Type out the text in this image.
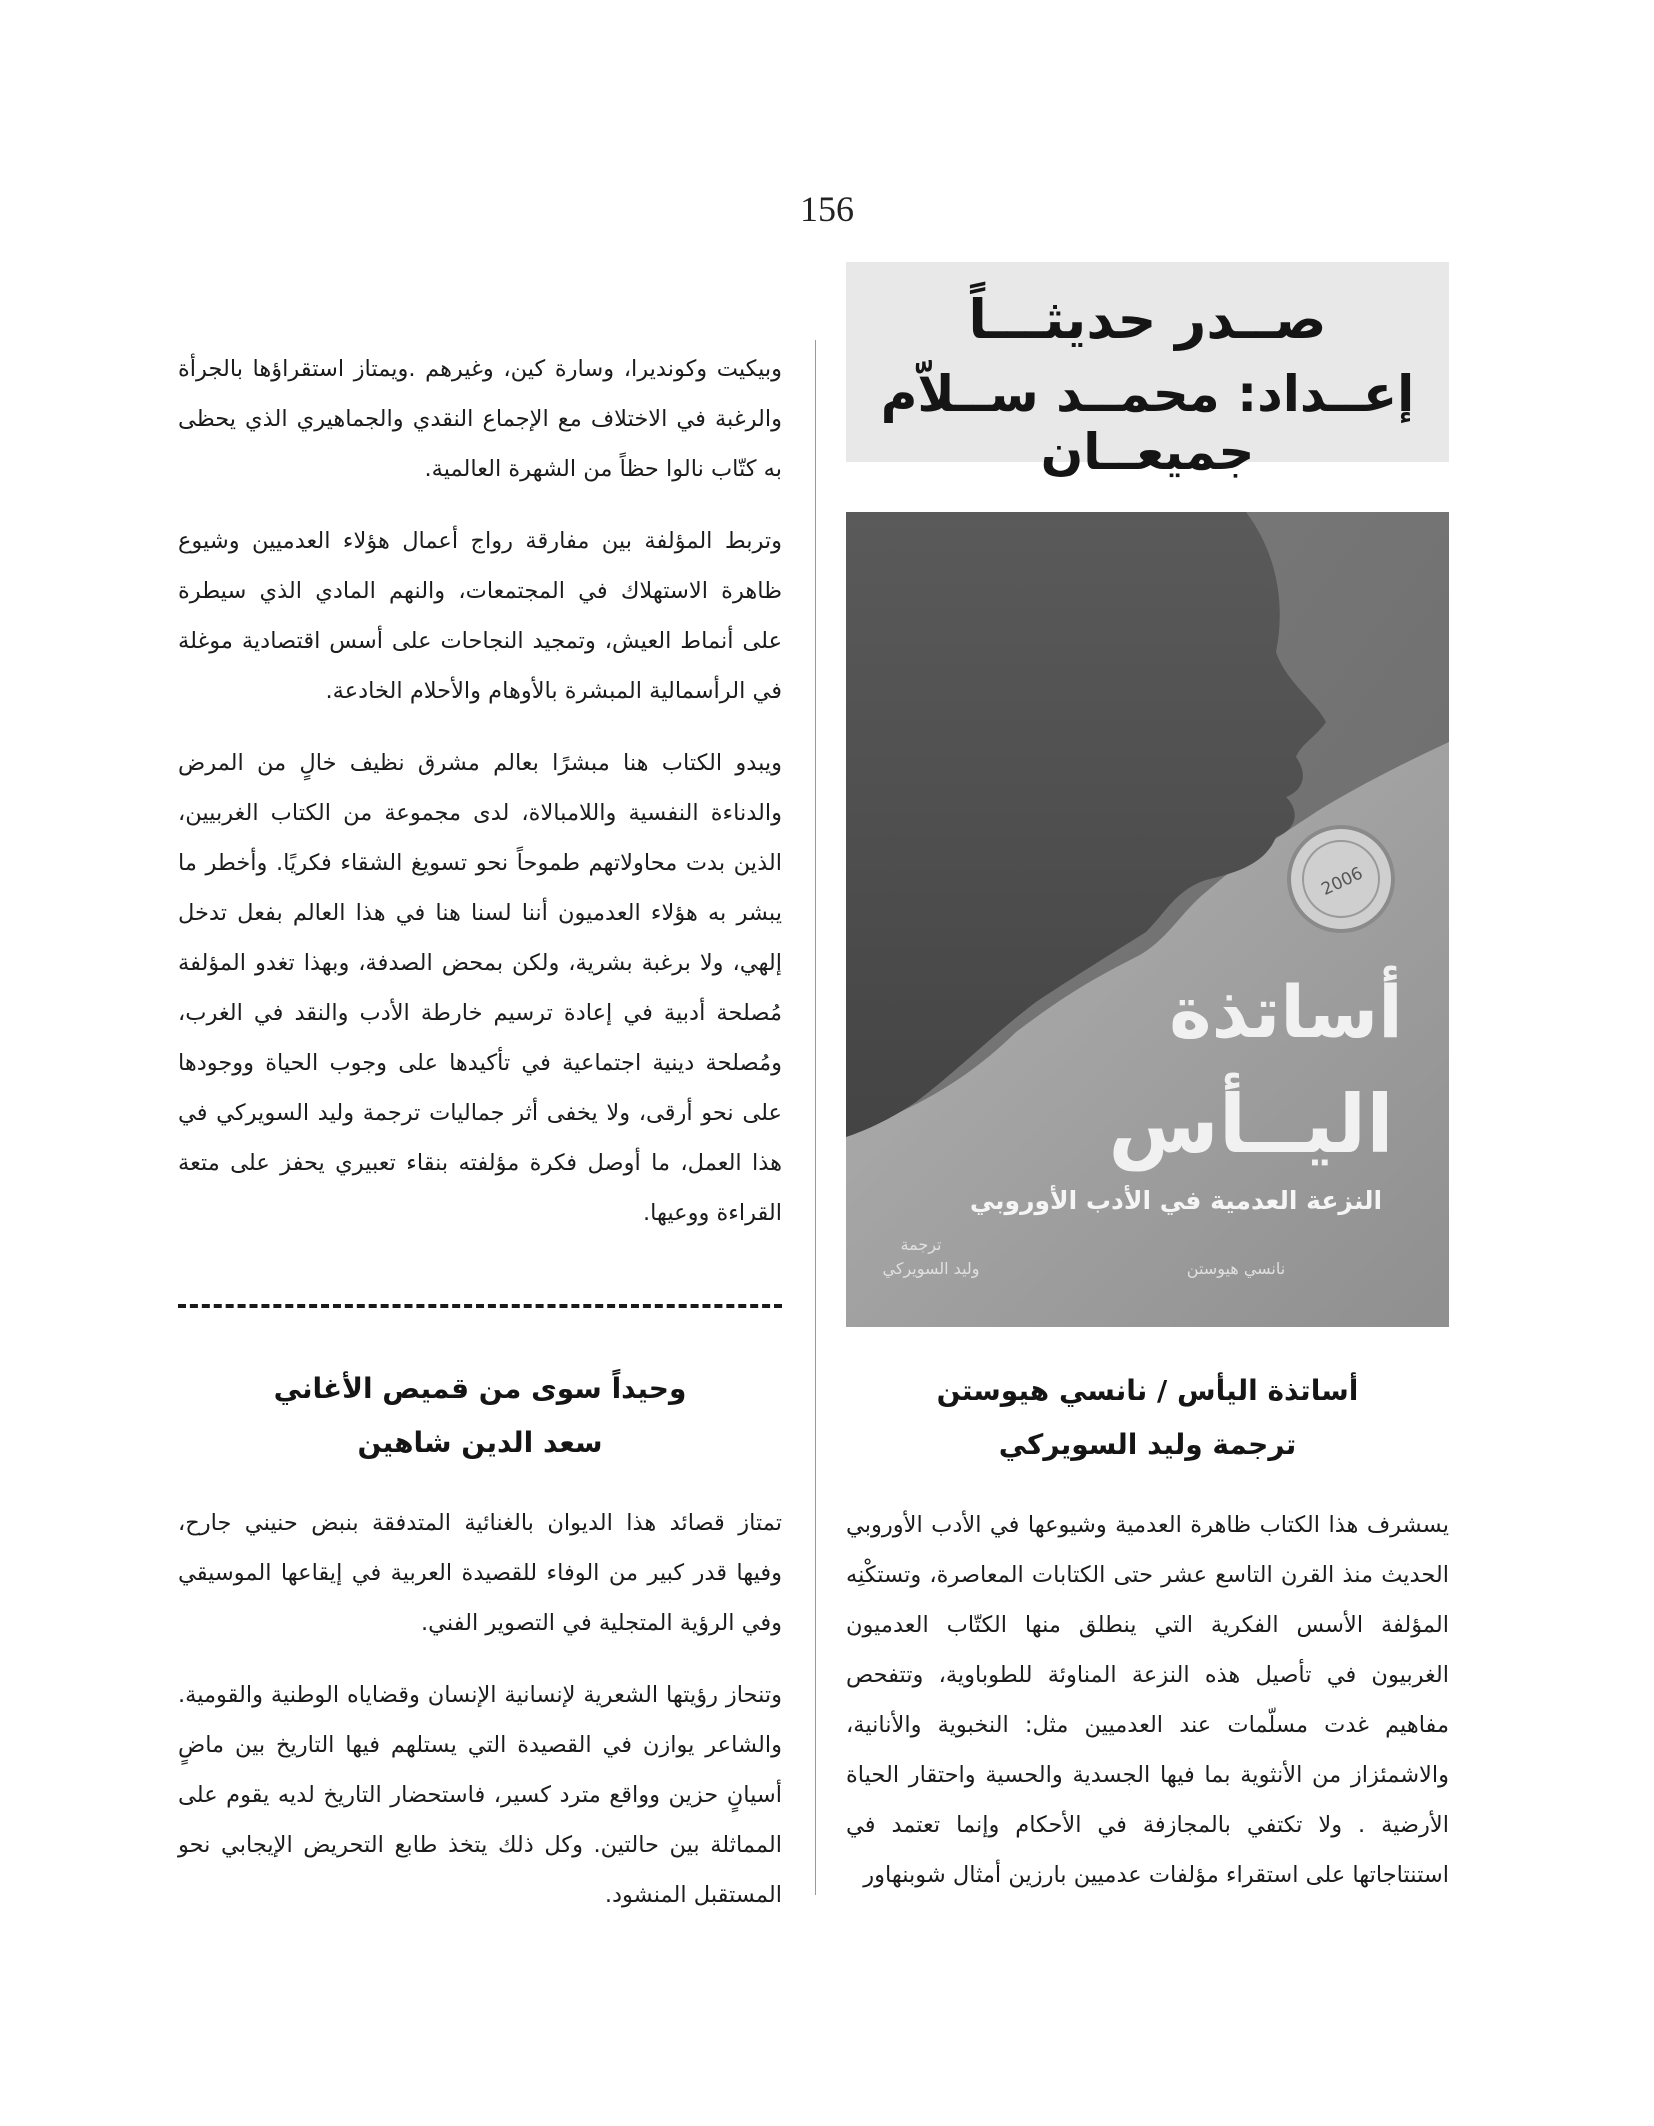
156
صــدر حديثـــاً
إعــداد: محمــد ســلاّم جميعــان
2006
أساتذة
اليــأس
النزعة العدمية في الأدب الأوروبي
ترجمة
وليد السويركي	نانسي هيوستن
أساتذة اليأس / نانسي هيوستن
ترجمة وليد السويركي

يسشرف هذا الكتاب ظاهرة العدمية وشيوعها في الأدب الأوروبي الحديث منذ القرن التاسع عشر حتى الكتابات المعاصرة، وتستكْنِه المؤلفة الأسس الفكرية التي ينطلق منها الكتّاب العدميون الغربيون في تأصيل هذه النزعة المناوئة للطوباوية، وتتفحص مفاهيم غدت مسلّمات عند العدميين مثل: النخبوية والأنانية، والاشمئزاز من الأنثوية بما فيها الجسدية والحسية واحتقار الحياة الأرضية . ولا تكتفي بالمجازفة في الأحكام وإنما تعتمد في استنتاجاتها على استقراء مؤلفات عدميين بارزين أمثال شوبنهاور

وبيكيت وكونديرا، وسارة كين، وغيرهم .ويمتاز استقراؤها بالجرأة والرغبة في الاختلاف مع الإجماع النقدي والجماهيري الذي يحظى به كتّاب نالوا حظاً من الشهرة العالمية.

وتربط المؤلفة بين مفارقة رواج أعمال هؤلاء العدميين وشيوع ظاهرة الاستهلاك في المجتمعات، والنهم المادي الذي سيطرة على أنماط العيش، وتمجيد النجاحات على أسس اقتصادية موغلة في الرأسمالية المبشرة بالأوهام والأحلام الخادعة.

ويبدو الكتاب هنا مبشرًا بعالم مشرق نظيف خالٍ من المرض والدناءة النفسية واللامبالاة، لدى مجموعة من الكتاب الغربيين، الذين بدت محاولاتهم طموحاً نحو تسويغ الشقاء فكريًا. وأخطر ما يبشر به هؤلاء العدميون أننا لسنا هنا في هذا العالم بفعل تدخل إلهي، ولا برغبة بشرية، ولكن بمحض الصدفة، وبهذا تغدو المؤلفة مُصلحة أدبية في إعادة ترسيم خارطة الأدب والنقد في الغرب، ومُصلحة دينية اجتماعية في تأكيدها على وجوب الحياة ووجودها على نحو أرقى، ولا يخفى أثر جماليات ترجمة وليد السويركي في هذا العمل، ما أوصل فكرة مؤلفته بنقاء تعبيري يحفز على متعة القراءة ووعيها.

وحيداً سوى من قميص الأغاني
سعد الدين شاهين

تمتاز قصائد هذا الديوان بالغنائية المتدفقة بنبض حنيني جارح، وفيها قدر كبير من الوفاء للقصيدة العربية في إيقاعها الموسيقي وفي الرؤية المتجلية في التصوير الفني.

وتنحاز رؤيتها الشعرية لإنسانية الإنسان وقضاياه الوطنية والقومية. والشاعر يوازن في القصيدة التي يستلهم فيها التاريخ بين ماضٍ أسيانٍ حزين وواقع مترد كسير، فاستحضار التاريخ لديه يقوم على المماثلة بين حالتين. وكل ذلك يتخذ طابع التحريض الإيجابي نحو المستقبل المنشود.
